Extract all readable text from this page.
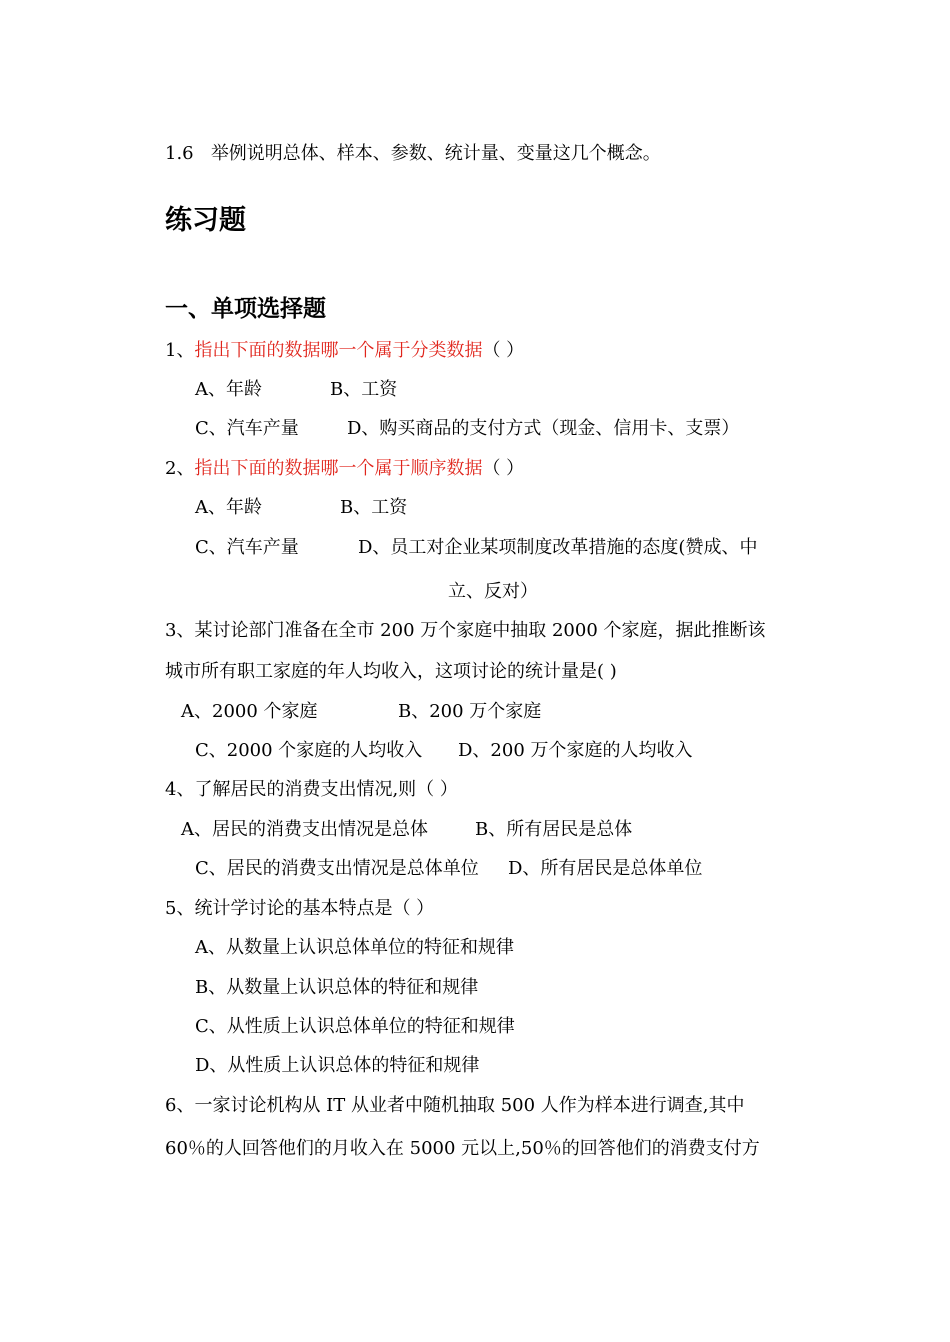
1.6 举例说明总体、样本、参数、统计量、变量这几个概念。
练习题
一、单项选择题
1、指出下面的数据哪一个属于分类数据（ ）
A、年龄	B、工资
C、汽车产量	D、购买商品的支付方式（现金、信用卡、支票）
2、指出下面的数据哪一个属于顺序数据（ ）
A、年龄	B、工资
C、汽车产量	D、员工对企业某项制度改革措施的态度(赞成、中
立、反对）
3、某讨论部门准备在全市 200 万个家庭中抽取 2000 个家庭，据此推断该
城市所有职工家庭的年人均收入，这项讨论的统计量是( )
A、2000 个家庭	B、200 万个家庭
C、2000 个家庭的人均收入 D、200 万个家庭的人均收入
4、了解居民的消费支出情况,则（ ）
A、居民的消费支出情况是总体	B、所有居民是总体
C、居民的消费支出情况是总体单位 D、所有居民是总体单位
5、统计学讨论的基本特点是（ ）
A、从数量上认识总体单位的特征和规律
B、从数量上认识总体的特征和规律
C、从性质上认识总体单位的特征和规律
D、从性质上认识总体的特征和规律
6、一家讨论机构从 IT 从业者中随机抽取 500 人作为样本进行调查,其中
60％的人回答他们的月收入在 5000 元以上,50％的回答他们的消费支付方
